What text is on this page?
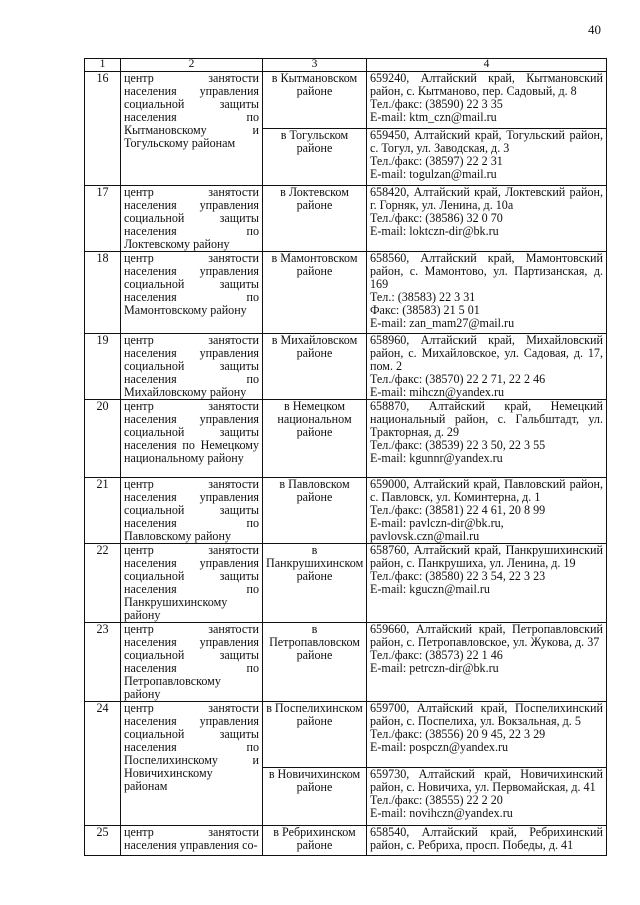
40
1	2	3	4
16	центр занятости населения управления социальной защиты населения по Кытмановскому и Тогульскому районам	в Кытмановском районе	659240, Алтайский край, Кытмановский район, с. Кытманово, пер. Садовый, д. 8
Тел./факс: (38590) 22 3 35
E-mail: ktm_czn@mail.ru

		в Тогульском районе	659450, Алтайский край, Тогульский район, с. Тогул, ул. Заводская, д. 3
Тел./факс: (38597) 22 2 31
E-mail: togulzan@mail.ru

17	центр занятости населения управления социальной защиты населения по Локтевскому району	в Локтевском районе	658420, Алтайский край, Локтевский район, г. Горняк, ул. Ленина, д. 10а
Тел./факс: (38586) 32 0 70
E-mail: loktczn-dir@bk.ru

18	центр занятости населения управления социальной защиты населения по Мамонтовскому району	в Мамонтовском районе	658560, Алтайский край, Мамонтовский район, с. Мамонтово, ул. Партизанская, д. 169
Тел.: (38583) 22 3 31
Факс: (38583) 21 5 01
E-mail: zan_mam27@mail.ru

19	центр занятости населения управления социальной защиты населения по Михайловскому району	в Михайловском районе	658960, Алтайский край, Михайловский район, с. Михайловское, ул. Садовая, д. 17, пом. 2
Тел./факс: (38570) 22 2 71, 22 2 46
E-mail: mihczn@yandex.ru

20	центр занятости населения управления социальной защиты населения по Немецкому национальному району	в Немецком национальном районе	658870, Алтайский край, Немецкий национальный район, с. Гальбштадт, ул. Тракторная, д. 29
Тел./факс: (38539) 22 3 50, 22 3 55
E-mail: kgunnr@yandex.ru

21	центр занятости населения управления социальной защиты населения по Павловскому району	в Павловском районе	659000, Алтайский край, Павловский район, с. Павловск, ул. Коминтерна, д. 1
Тел./факс: (38581) 22 4 61, 20 8 99
E-mail: pavlczn-dir@bk.ru,
pavlovsk.czn@mail.ru

22	центр занятости населения управления социальной защиты населения по Панкрушихинскому району	в Панкрушихинском районе	658760, Алтайский край, Панкрушихинский район, с. Панкрушиха, ул. Ленина, д. 19
Тел./факс: (38580) 22 3 54, 22 3 23
E-mail: kguczn@mail.ru

23	центр занятости населения управления социальной защиты населения по Петропавловскому району	в Петропавловском районе	659660, Алтайский край, Петропавловский район, с. Петропавловское, ул. Жукова, д. 37
Тел./факс: (38573) 22 1 46
E-mail: petrczn-dir@bk.ru

24	центр занятости населения управления социальной защиты населения по Поспелихинскому и Новичихинскому районам	в Поспелихинском районе	659700, Алтайский край, Поспелихинский район, с. Поспелиха, ул. Вокзальная, д. 5
Тел./факс: (38556) 20 9 45, 22 3 29
E-mail: pospczn@yandex.ru

		в Новичихинском районе	659730, Алтайский край, Новичихинский район, с. Новичиха, ул. Первомайская, д. 41
Тел./факс: (38555) 22 2 20
E-mail: novihczn@yandex.ru

25	центр занятости населения управления со-	в Ребрихинском районе	658540, Алтайский край, Ребрихинский район, с. Ребриха, просп. Победы, д. 41
